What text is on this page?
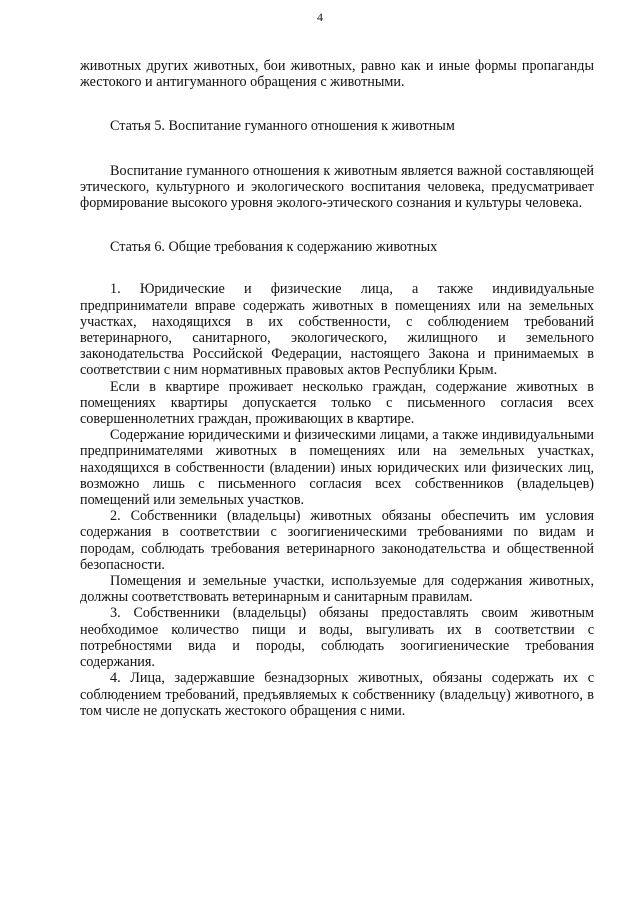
4

животных других животных, бои животных, равно как и иные формы пропаганды жестокого и антигуманного обращения с животными.

Статья 5. Воспитание гуманного отношения к животным

Воспитание гуманного отношения к животным является важной составляющей этического, культурного и экологического воспитания человека, предусматривает формирование высокого уровня эколого-этического сознания и культуры человека.

Статья 6. Общие требования к содержанию животных

1. Юридические и физические лица, а также индивидуальные предприниматели вправе содержать животных в помещениях или на земельных участках, находящихся в их собственности, с соблюдением требований ветеринарного, санитарного, экологического, жилищного и земельного законодательства Российской Федерации, настоящего Закона и принимаемых в соответствии с ним нормативных правовых актов Республики Крым.

Если в квартире проживает несколько граждан, содержание животных в помещениях квартиры допускается только с письменного согласия всех совершеннолетних граждан, проживающих в квартире.

Содержание юридическими и физическими лицами, а также индивидуальными предпринимателями животных в помещениях или на земельных участках, находящихся в собственности (владении) иных юридических или физических лиц, возможно лишь с письменного согласия всех собственников (владельцев) помещений или земельных участков.

2. Собственники (владельцы) животных обязаны обеспечить им условия содержания в соответствии с зоогигиеническими требованиями по видам и породам, соблюдать требования ветеринарного законодательства и общественной безопасности.

Помещения и земельные участки, используемые для содержания животных, должны соответствовать ветеринарным и санитарным правилам.

3. Собственники (владельцы) обязаны предоставлять своим животным необходимое количество пищи и воды, выгуливать их в соответствии с потребностями вида и породы, соблюдать зоогигиенические требования содержания.

4. Лица, задержавшие безнадзорных животных, обязаны содержать их с соблюдением требований, предъявляемых к собственнику (владельцу) животного, в том числе не допускать жестокого обращения с ними.
